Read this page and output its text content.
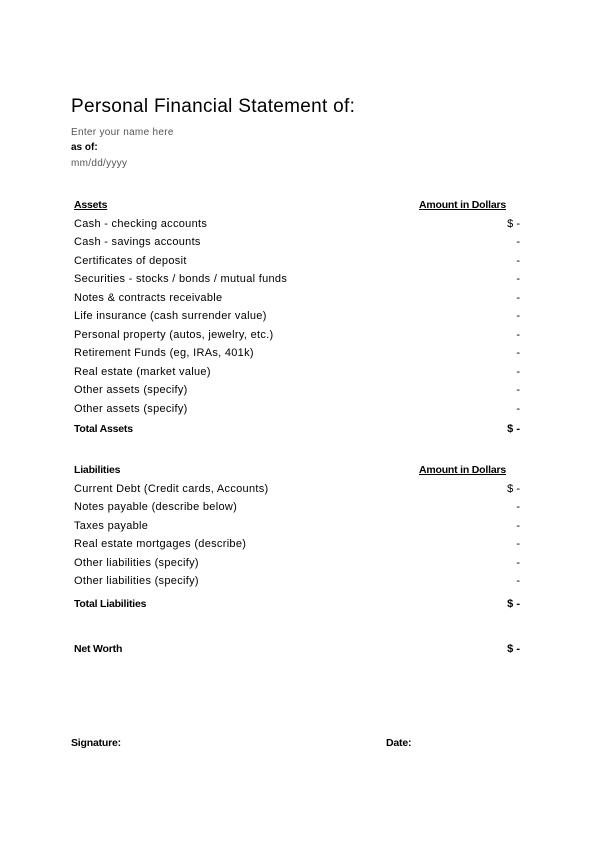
Personal Financial Statement of:
Enter your name here
as of:
mm/dd/yyyy
Assets	Amount in Dollars
Cash - checking accounts	$ -
Cash - savings accounts	-
Certificates of deposit	-
Securities - stocks / bonds / mutual funds	-
Notes & contracts receivable	-
Life insurance (cash surrender value)	-
Personal property (autos, jewelry, etc.)	-
Retirement Funds (eg, IRAs, 401k)	-
Real estate (market value)	-
Other assets (specify)	-
Other assets (specify)	-
Total Assets	$ -
Liabilities	Amount in Dollars
Current Debt (Credit cards, Accounts)	$ -
Notes payable (describe below)	-
Taxes payable	-
Real estate mortgages (describe)	-
Other liabilities (specify)	-
Other liabilities (specify)	-
Total Liabilities	$ -
Net Worth	$ -
Signature:	Date:
